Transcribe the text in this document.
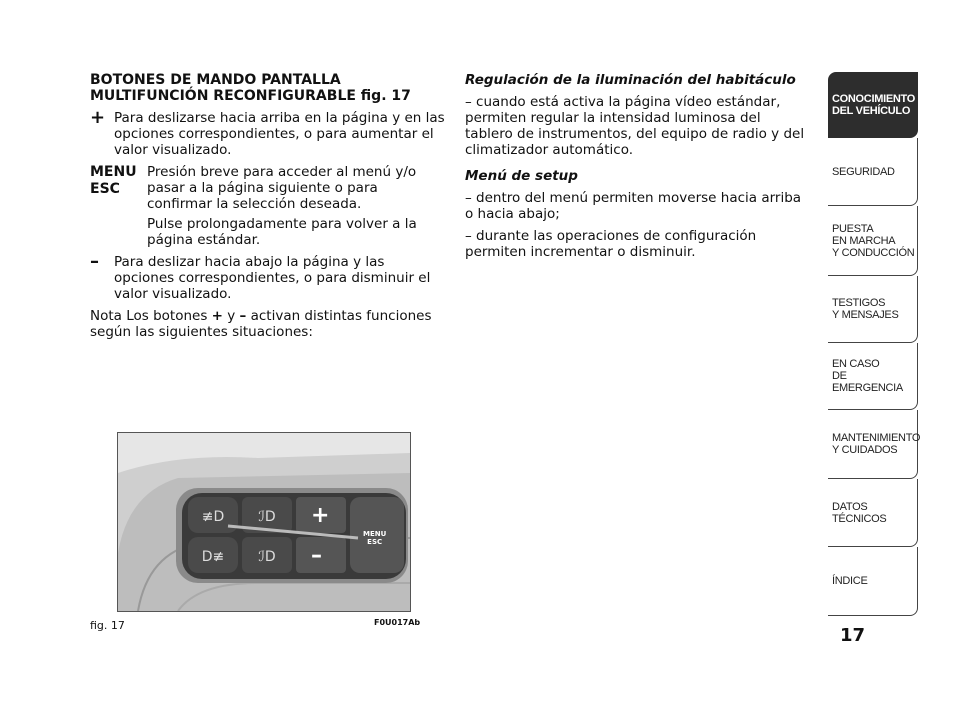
BOTONES DE MANDO PANTALLA
MULTIFUNCIÓN RECONFIGURABLE fig. 17
+ Para deslizarse hacia arriba en la página y en las opciones correspondientes, o para aumentar el valor visualizado.
MENU
ESC
Presión breve para acceder al menú y/o pasar a la página siguiente o para confirmar la selección deseada.

Pulse prolongadamente para volver a la página estándar.

–	Para deslizar hacia abajo la página y las opciones correspondientes, o para disminuir el valor visualizado.

Nota Los botones + y – activan distintas funciones según las siguientes situaciones:

Regulación de la iluminación del habitáculo

– cuando está activa la página vídeo estándar, permiten regular la intensidad luminosa del tablero de instrumentos, del equipo de radio y del climatizador automático.

Menú de setup

– dentro del menú permiten moverse hacia arriba o hacia abajo;

– durante las operaciones de configuración permiten incrementar o disminuir.

≢D
D≢
ℐD
ℐD
+
–
MENU
ESC
fig. 17	F0U017Ab
CONOCIMIENTO
DEL VEHÍCULO
SEGURIDAD
PUESTA
EN MARCHA
Y CONDUCCIÓN
TESTIGOS
Y MENSAJES
EN CASO
DE EMERGENCIA
MANTENIMIENTO
Y CUIDADOS
DATOS TÉCNICOS
ÍNDICE
17
